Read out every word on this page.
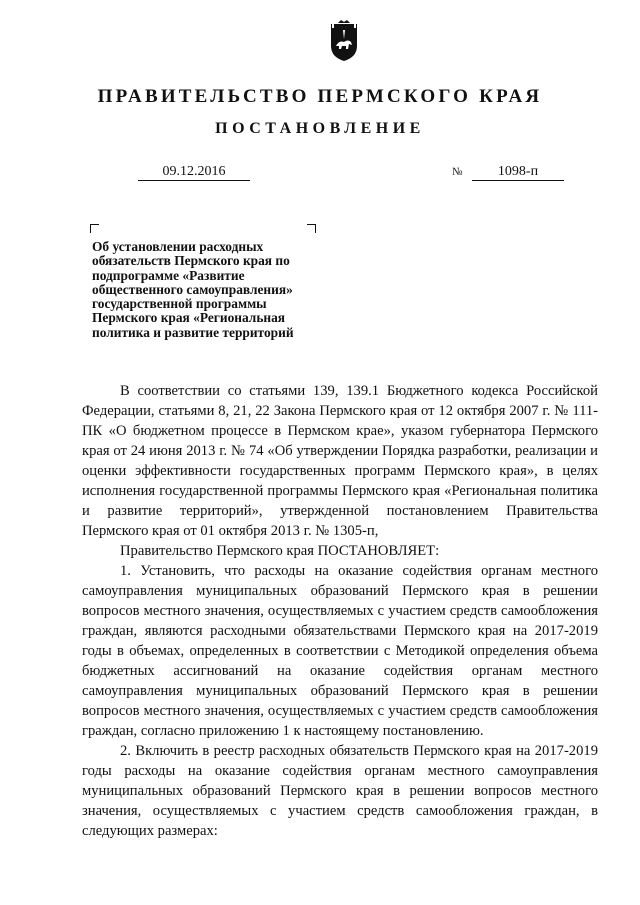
ПРАВИТЕЛЬСТВО ПЕРМСКОГО КРАЯ
ПОСТАНОВЛЕНИЕ
09.12.2016	№	1098-п
Об установлении расходных обязательств Пермского края по подпрограмме «Развитие общественного самоуправления» государственной программы Пермского края «Региональная политика и развитие территорий

В соответствии со статьями 139, 139.1 Бюджетного кодекса Российской Федерации, статьями 8, 21, 22 Закона Пермского края от 12 октября 2007 г. № 111-ПК «О бюджетном процессе в Пермском крае», указом губернатора Пермского края от 24 июня 2013 г. № 74 «Об утверждении Порядка разработки, реализации и оценки эффективности государственных программ Пермского края», в целях исполнения государственной программы Пермского края «Региональная политика и развитие территорий», утвержденной постановлением Правительства Пермского края от 01 октября 2013 г. № 1305-п,

Правительство Пермского края ПОСТАНОВЛЯЕТ:

1. Установить, что расходы на оказание содействия органам местного самоуправления муниципальных образований Пермского края в решении вопросов местного значения, осуществляемых с участием средств самообложения граждан, являются расходными обязательствами Пермского края на 2017-2019 годы в объемах, определенных в соответствии с Методикой определения объема бюджетных ассигнований на оказание содействия органам местного самоуправления муниципальных образований Пермского края в решении вопросов местного значения, осуществляемых с участием средств самообложения граждан, согласно приложению 1 к настоящему постановлению.

2. Включить в реестр расходных обязательств Пермского края на 2017-2019 годы расходы на оказание содействия органам местного самоуправления муниципальных образований Пермского края в решении вопросов местного значения, осуществляемых с участием средств самообложения граждан, в следующих размерах:
